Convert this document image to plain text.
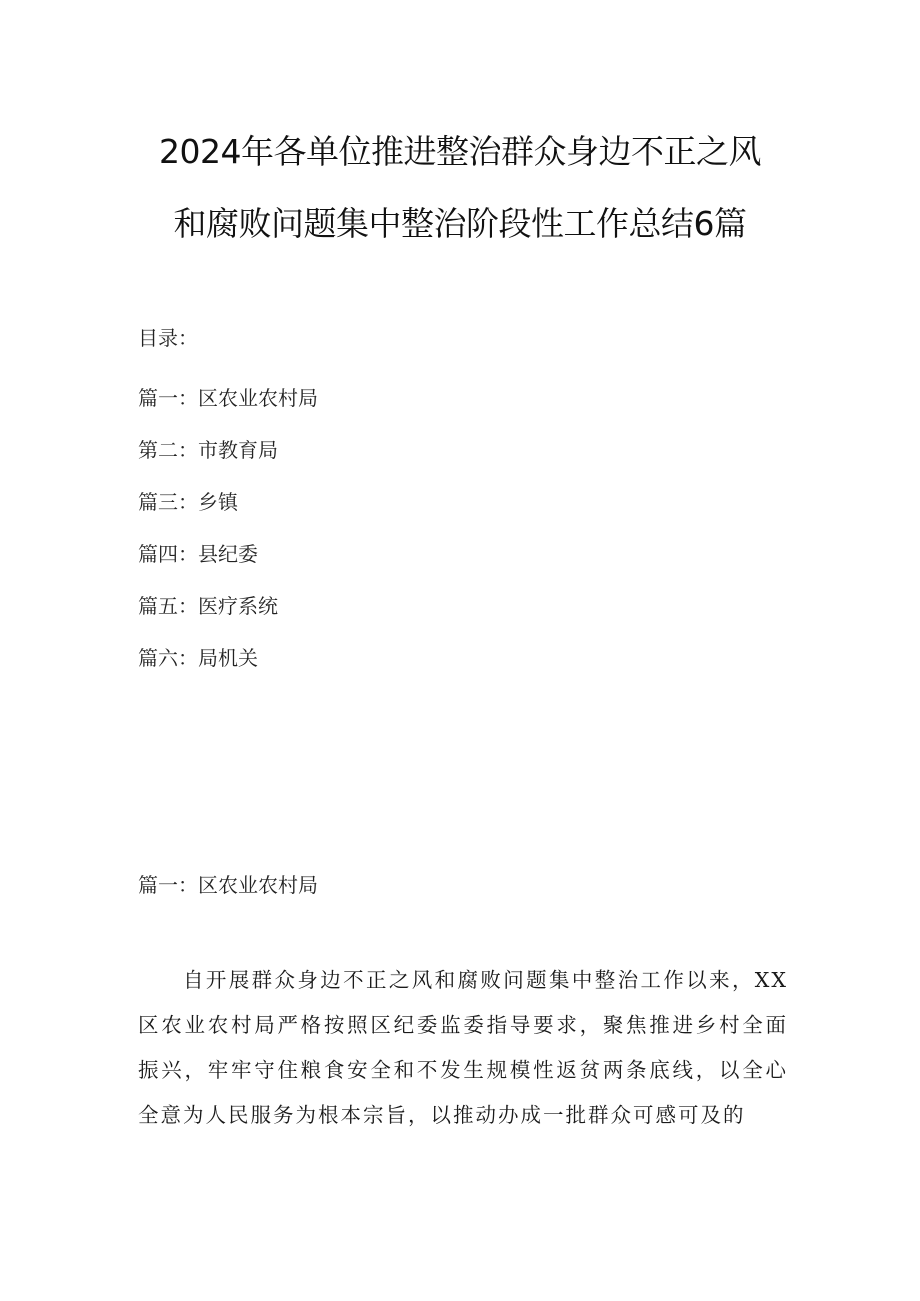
2024年各单位推进整治群众身边不正之风
和腐败问题集中整治阶段性工作总结6篇
目录：
篇一：区农业农村局
第二：市教育局
篇三：乡镇
篇四：县纪委
篇五：医疗系统
篇六：局机关
篇一：区农业农村局

自开展群众身边不正之风和腐败问题集中整治工作以来，XX区农业农村局严格按照区纪委监委指导要求，聚焦推进乡村全面振兴，牢牢守住粮食安全和不发生规模性返贫两条底线，以全心全意为人民服务为根本宗旨，以推动办成一批群众可感可及的
